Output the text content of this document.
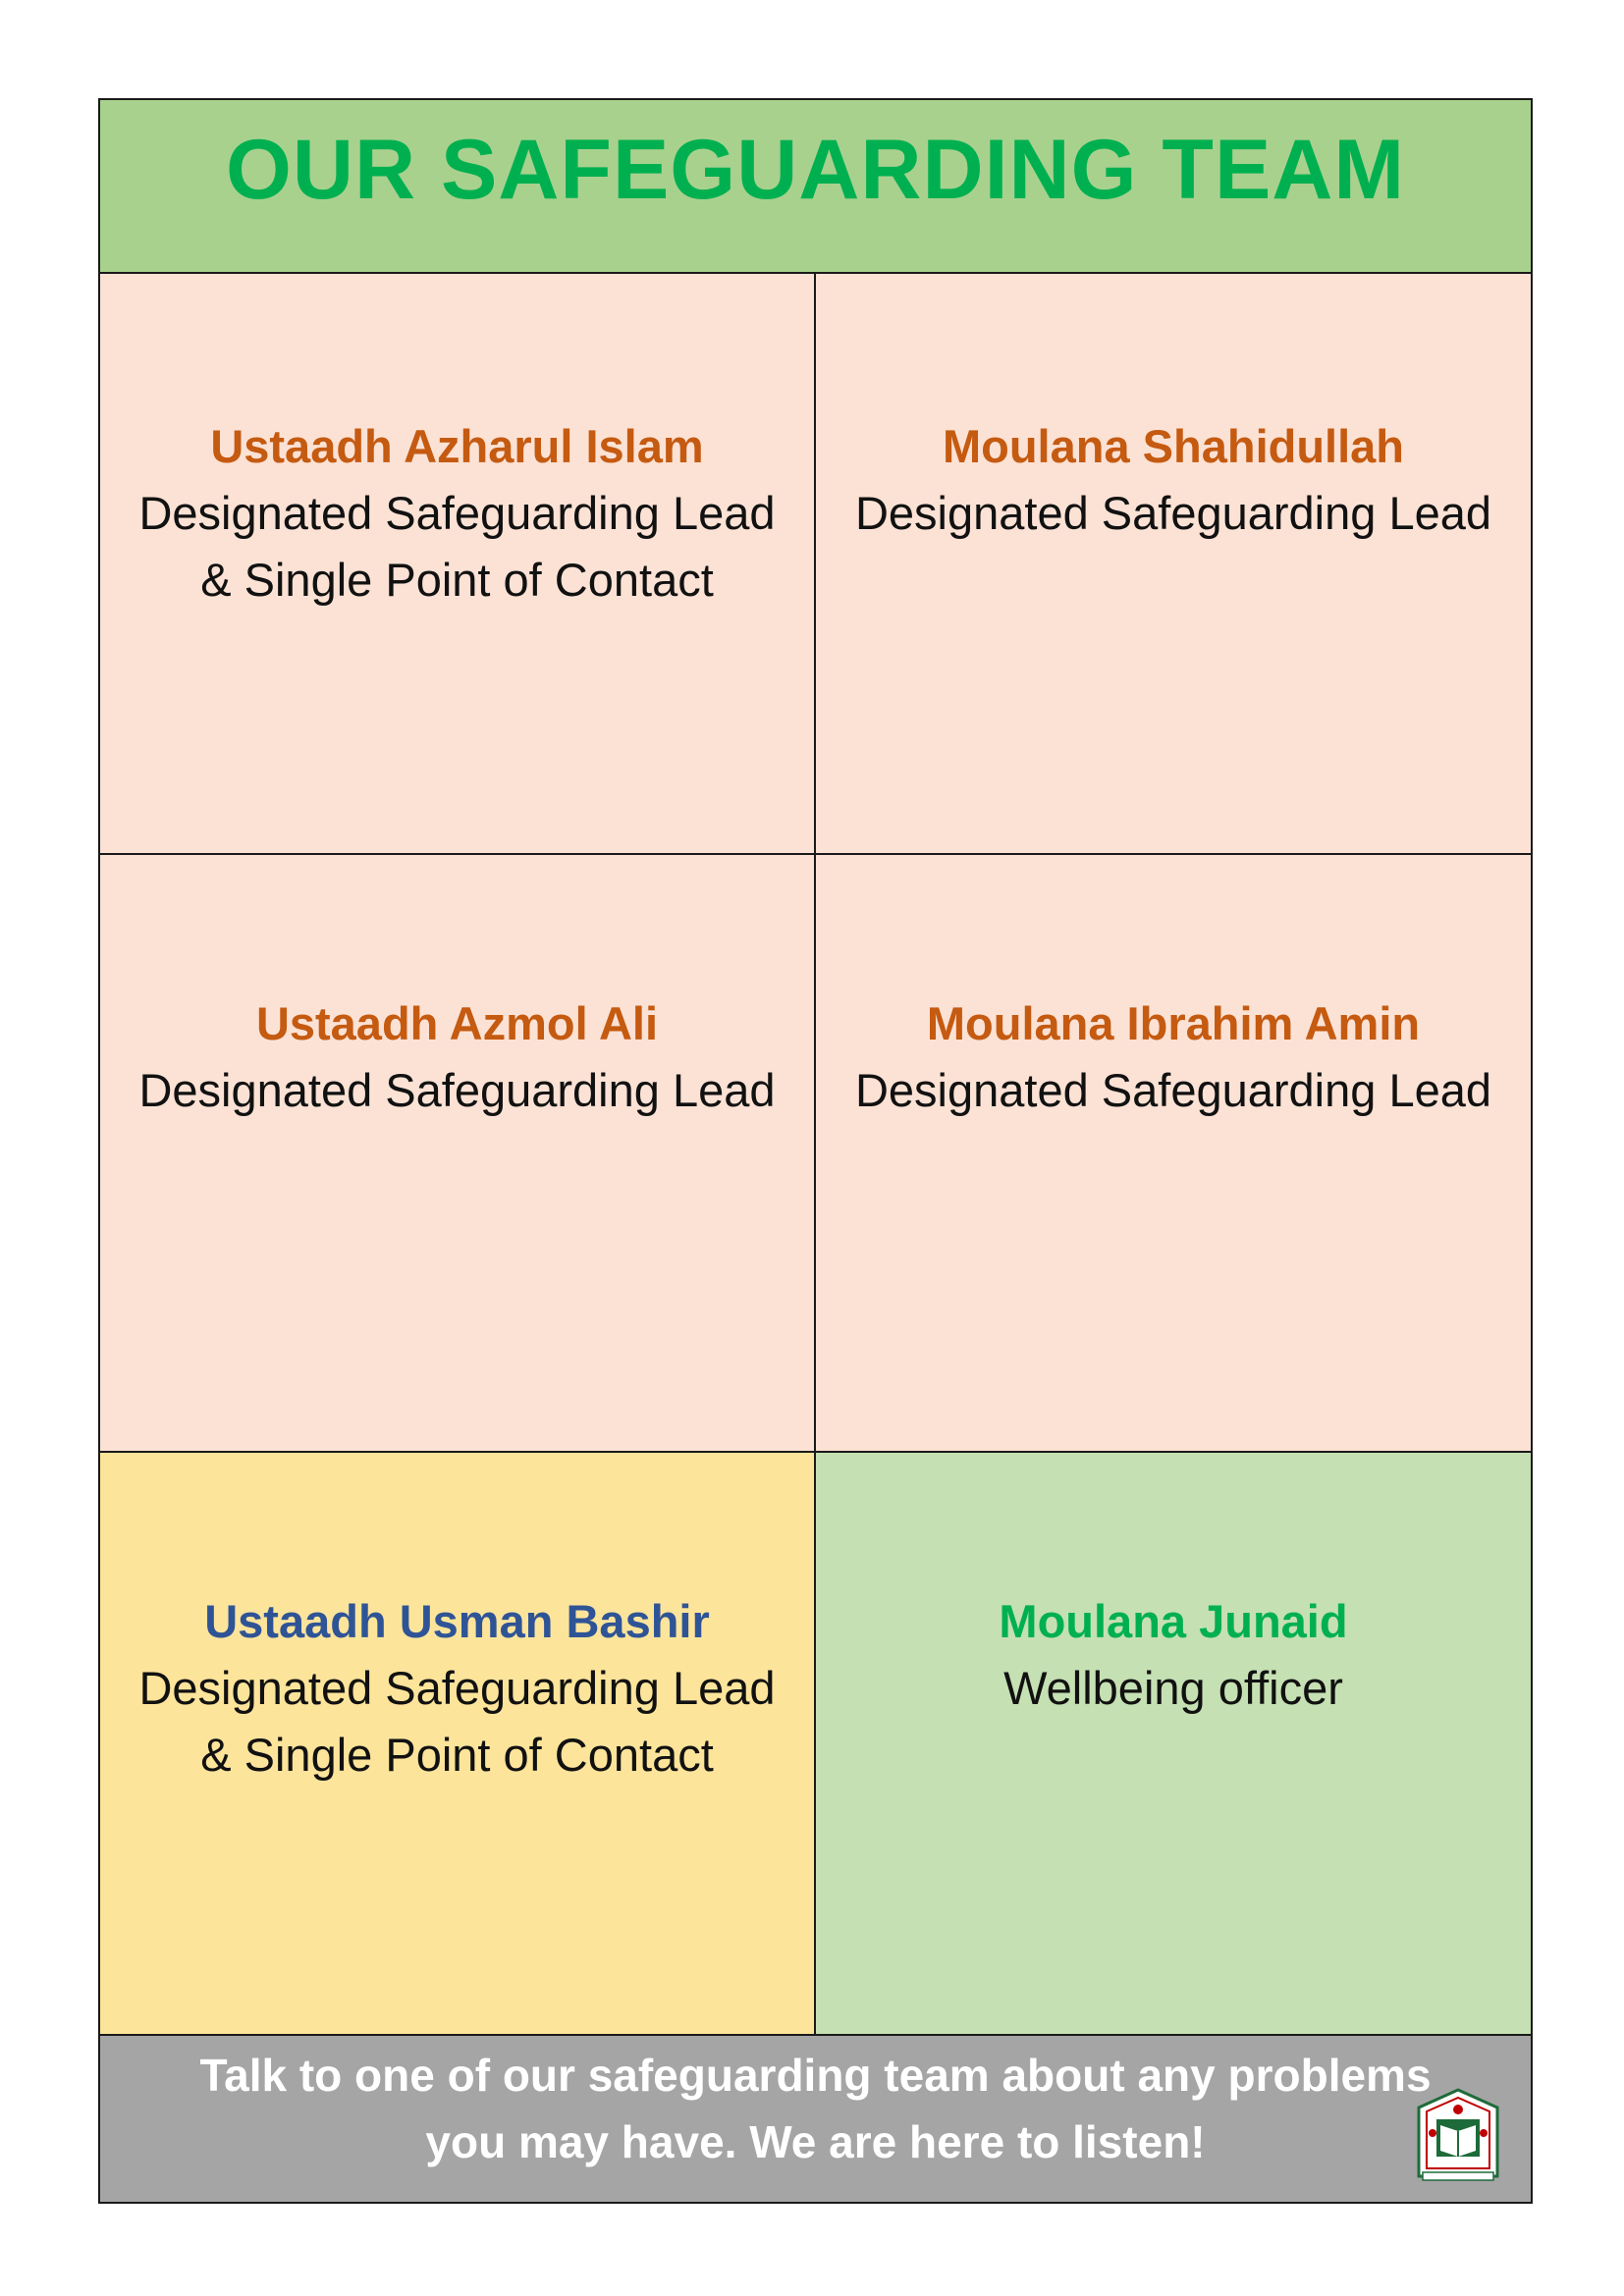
OUR SAFEGUARDING TEAM
Ustaadh Azharul Islam
Designated Safeguarding Lead
& Single Point of Contact
Moulana Shahidullah
Designated Safeguarding Lead
Ustaadh Azmol Ali
Designated Safeguarding Lead
Moulana Ibrahim Amin
Designated Safeguarding Lead
Ustaadh Usman Bashir
Designated Safeguarding Lead
& Single Point of Contact
Moulana Junaid
Wellbeing officer
Talk to one of our safeguarding team about any problems
you may have. We are here to listen!
